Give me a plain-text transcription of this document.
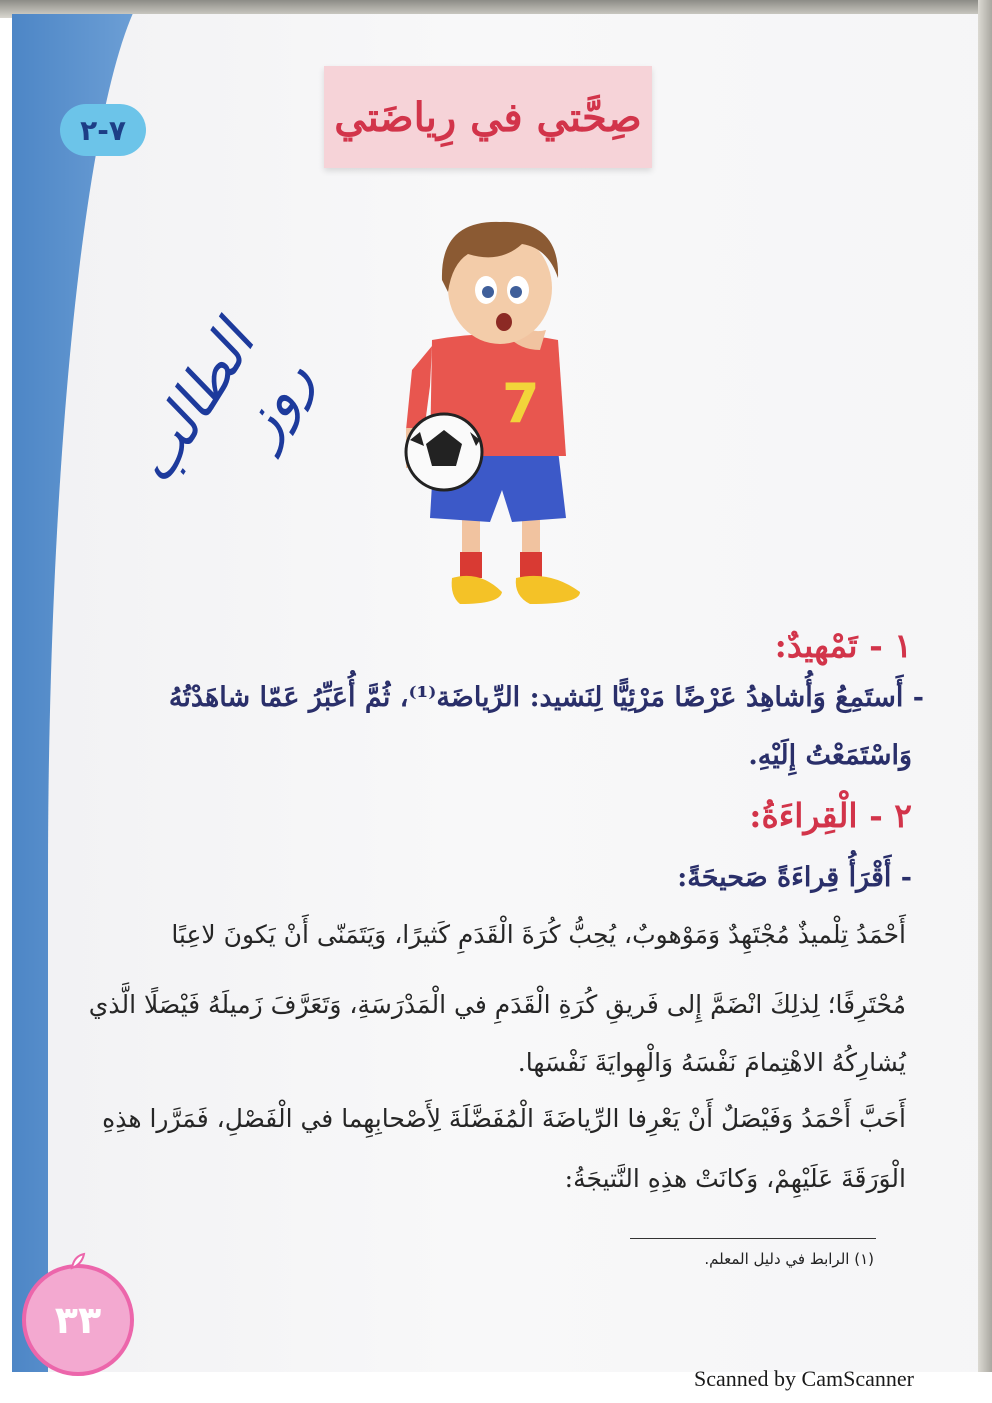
٧-٢	صِحَّتي في رِياضَتي
7
الطالب روز
١ - تَمْهيدٌ:
- أَستَمِعُ وَأُشاهِدُ عَرْضًا مَرْئِيًّا لِنَشيد: الرِّياضَة⁽¹⁾، ثُمَّ أُعَبِّرُ عَمّا شاهَدْتُهُ
وَاسْتَمَعْتُ إِلَيْهِ.
٢ - الْقِراءَةُ:
- أَقْرَأُ قِراءَةً صَحيحَةً:
أَحْمَدُ تِلْميذٌ مُجْتَهِدٌ وَمَوْهوبٌ، يُحِبُّ كُرَةَ الْقَدَمِ كَثيرًا، وَيَتَمَنّى أَنْ يَكونَ لاعِبًا
مُحْتَرِفًا؛ لِذلِكَ انْضَمَّ إِلى فَريقِ كُرَةِ الْقَدَمِ في الْمَدْرَسَةِ، وَتَعَرَّفَ زَميلَهُ فَيْصَلًا الَّذي
يُشارِكُهُ الاهْتِمامَ نَفْسَهُ وَالْهِوايَةَ نَفْسَها.
أَحَبَّ أَحْمَدُ وَفَيْصَلٌ أَنْ يَعْرِفا الرِّياضَةَ الْمُفَضَّلَةَ لِأَصْحابِهِما في الْفَصْلِ، فَمَرَّرا هذِهِ
الْوَرَقَةَ عَلَيْهِمْ، وَكانَتْ هذِهِ النَّتيجَةُ:
(١) الرابط في دليل المعلم.
٣٣
Scanned by CamScanner
